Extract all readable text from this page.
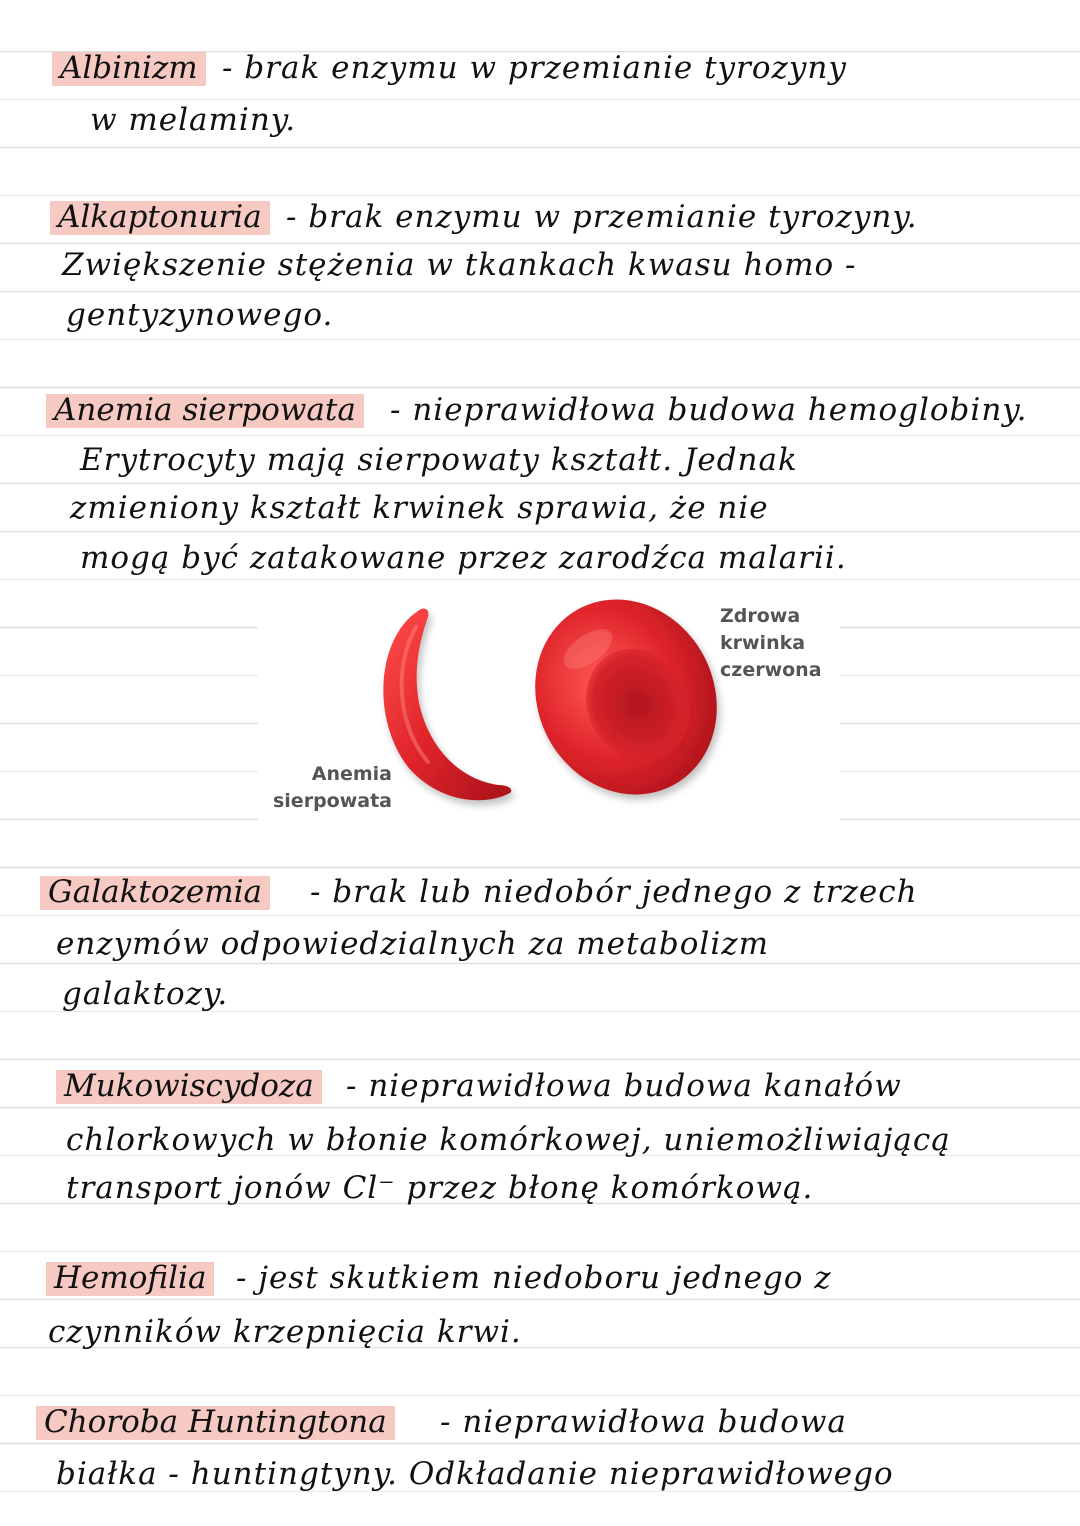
Albinizm - brak enzymu w przemianie tyrozyny
w melaminy.
Alkaptonuria - brak enzymu w przemianie tyrozyny.
Zwiększenie stężenia w tkankach kwasu homo -
gentyzynowego.
Anemia sierpowata - nieprawidłowa budowa hemoglobiny.
Erytrocyty mają sierpowaty kształt. Jednak
zmieniony kształt krwinek sprawia, że nie
mogą być zatakowane przez zarodźca malarii.
Zdrowa
krwinka
czerwona
Anemia
sierpowata
Galaktozemia - brak lub niedobór jednego z trzech
enzymów odpowiedzialnych za metabolizm
galaktozy.
Mukowiscydoza - nieprawidłowa budowa kanałów
chlorkowych w błonie komórkowej, uniemożliwiającą
transport jonów Cl⁻ przez błonę komórkową.
Hemofilia - jest skutkiem niedoboru jednego z
czynników krzepnięcia krwi.
Choroba Huntingtona - nieprawidłowa budowa
białka - huntingtyny. Odkładanie nieprawidłowego
